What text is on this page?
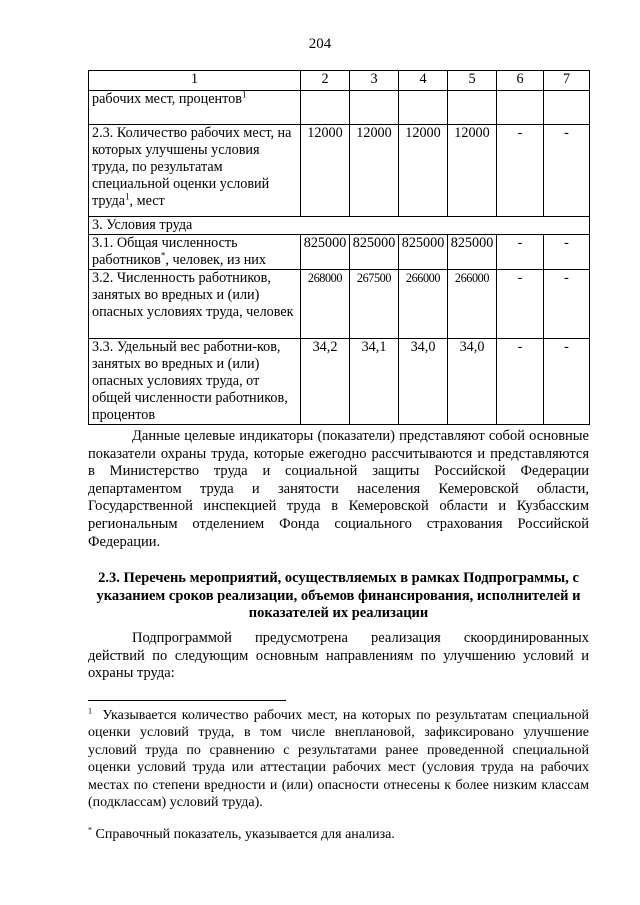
204
1	2	3	4	5	6	7
рабочих мест, процентов$^1$						
2.3. Количество рабочих мест, на которых улучшены условия труда, по результатам специальной оценки условий труда$^1$, мест	12000	12000	12000	12000	-	-
3. Условия труда						
3.1. Общая численность работников*, человек, из них	825000	825000	825000	825000	-	-
3.2. Численность работников, занятых во вредных и (или) опасных условиях труда, человек	268000	267500	266000	266000	-	-
3.3. Удельный вес работни-ков, занятых во вредных и (или) опасных условиях труда, от общей численности работников, процентов	34,2	34,1	34,0	34,0	-	-
Данные целевые индикаторы (показатели) представляют собой основные показатели охраны труда, которые ежегодно рассчитываются и представляются в Министерство труда и социальной защиты Российской Федерации департаментом труда и занятости населения Кемеровской области, Государственной инспекцией труда в Кемеровской области и Кузбасским региональным отделением Фонда социального страхования Российской Федерации.
2.3. Перечень мероприятий, осуществляемых в рамках Подпрограммы, с указанием сроков реализации, объемов финансирования, исполнителей и показателей их реализации
Подпрограммой предусмотрена реализация скоординированных действий по следующим основным направлениям по улучшению условий и охраны труда:
$^1$ Указывается количество рабочих мест, на которых по результатам специальной оценки условий труда, в том числе внеплановой, зафиксировано улучшение условий труда по сравнению с результатами ранее проведенной специальной оценки условий труда или аттестации рабочих мест (условия труда на рабочих местах по степени вредности и (или) опасности отнесены к более низким классам (подклассам) условий труда).
* Справочный показатель, указывается для анализа.
